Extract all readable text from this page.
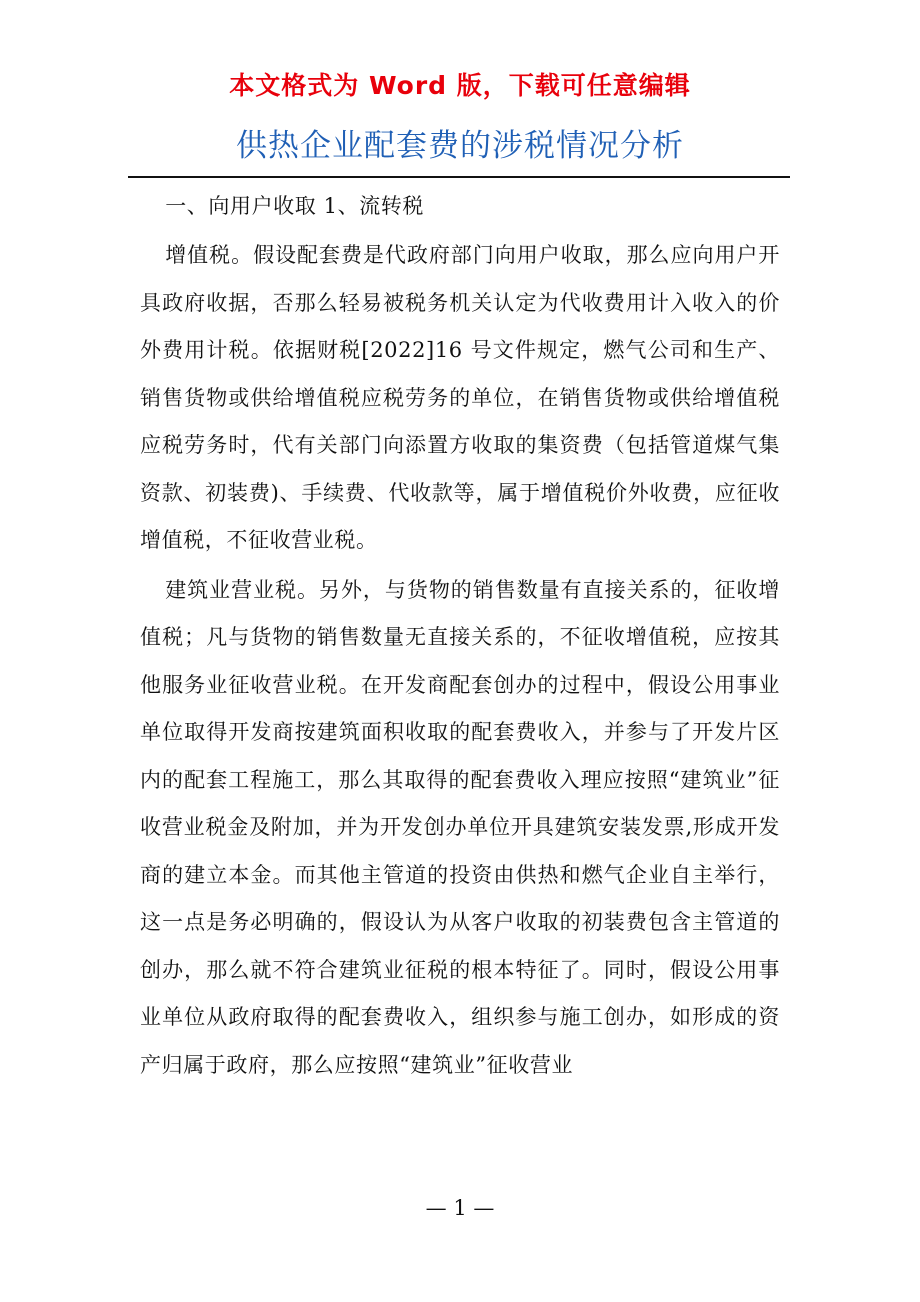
本文格式为 Word 版，下载可任意编辑
供热企业配套费的涉税情况分析

一、向用户收取 1、流转税

增值税。假设配套费是代政府部门向用户收取，那么应向用户开具政府收据，否那么轻易被税务机关认定为代收费用计入收入的价外费用计税。依据财税[2022]16 号文件规定，燃气公司和生产、销售货物或供给增值税应税劳务的单位，在销售货物或供给增值税应税劳务时，代有关部门向添置方收取的集资费（包括管道煤气集资款、初装费)、手续费、代收款等，属于增值税价外收费，应征收增值税，不征收营业税。

建筑业营业税。另外，与货物的销售数量有直接关系的，征收增值税；凡与货物的销售数量无直接关系的，不征收增值税，应按其他服务业征收营业税。在开发商配套创办的过程中，假设公用事业单位取得开发商按建筑面积收取的配套费收入，并参与了开发片区内的配套工程施工，那么其取得的配套费收入理应按照“建筑业”征收营业税金及附加，并为开发创办单位开具建筑安装发票,形成开发商的建立本金。而其他主管道的投资由供热和燃气企业自主举行，这一点是务必明确的，假设认为从客户收取的初装费包含主管道的创办，那么就不符合建筑业征税的根本特征了。同时，假设公用事业单位从政府取得的配套费收入，组织参与施工创办，如形成的资产归属于政府，那么应按照“建筑业”征收营业

— 1 —
